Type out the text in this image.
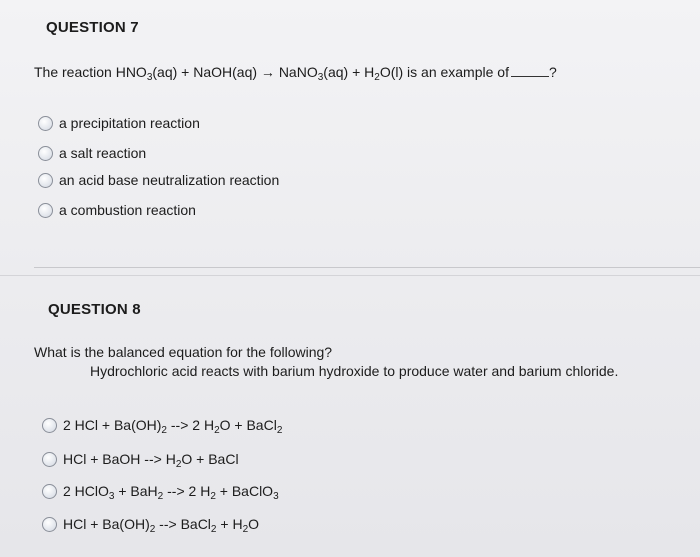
QUESTION 7
The reaction $HNO_3(aq)$ + NaOH(aq) → NaNO$_3$(aq) + $H_2O(l)$ is an example of	?
a precipitation reaction
a salt reaction
an acid base neutralization reaction
a combustion reaction
QUESTION 8
What is the balanced equation for the following?
Hydrochloric acid reacts with barium hydroxide to produce water and barium chloride.
2 HCl + $Ba(OH)_2$ --> 2 $H_2O$ + BaCl$_2$
HCl + BaOH --> $H_2O$ + BaCl
2 HClO$_3$ + BaH$_2$ --> 2 $H_2$ + BaClO$_3$
HCl + $Ba(OH)_2$ --> BaCl$_2$ + $H_2O$
